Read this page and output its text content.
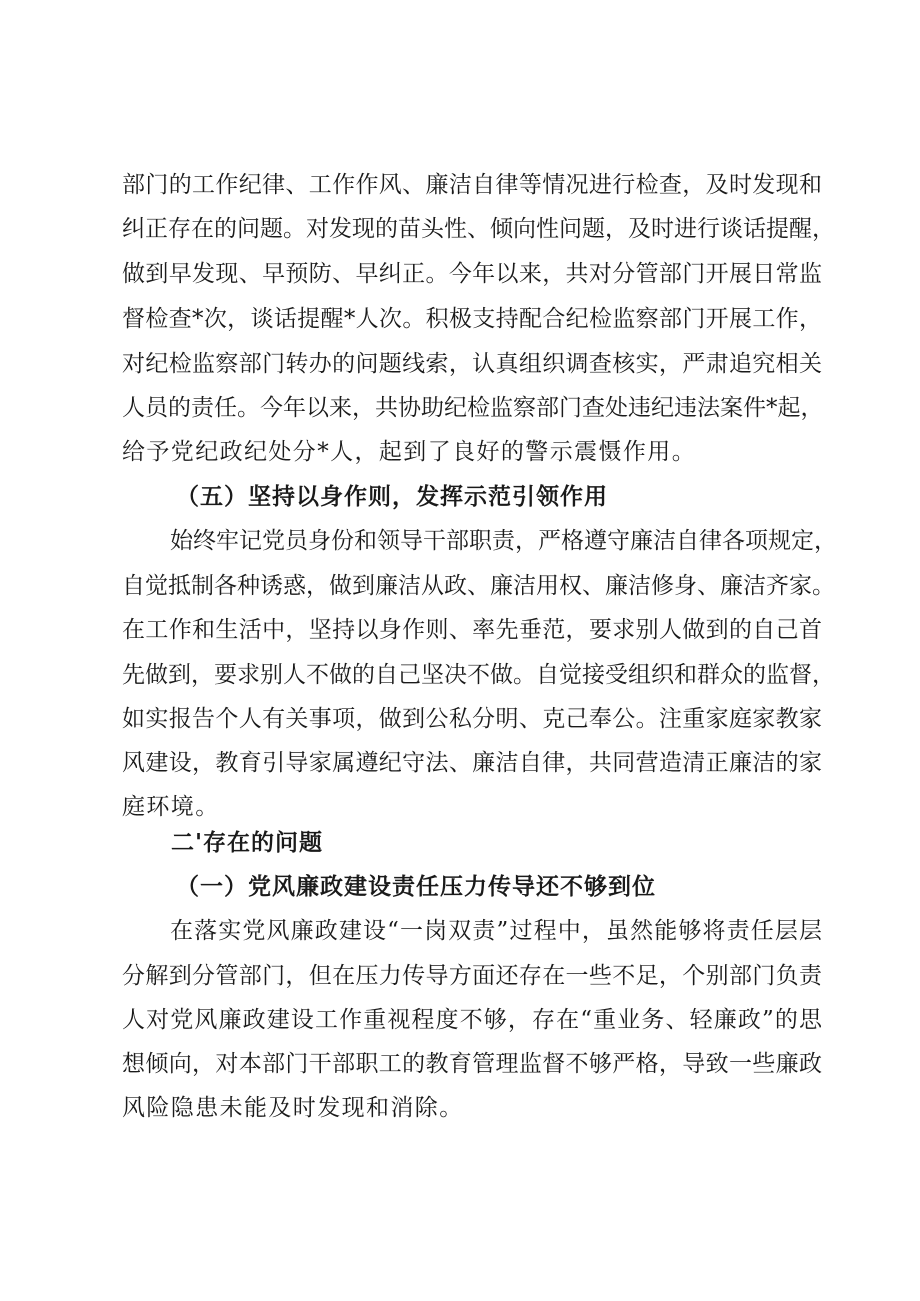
部门的工作纪律、工作作风、廉洁自律等情况进行检查，及时发现和
纠正存在的问题。对发现的苗头性、倾向性问题，及时进行谈话提醒，
做到早发现、早预防、早纠正。今年以来，共对分管部门开展日常监
督检查*次，谈话提醒*人次。积极支持配合纪检监察部门开展工作，
对纪检监察部门转办的问题线索，认真组织调查核实，严肃追究相关
人员的责任。今年以来，共协助纪检监察部门查处违纪违法案件*起，
给予党纪政纪处分*人，起到了良好的警示震慑作用。
（五）坚持以身作则，发挥示范引领作用
始终牢记党员身份和领导干部职责，严格遵守廉洁自律各项规定，
自觉抵制各种诱惑，做到廉洁从政、廉洁用权、廉洁修身、廉洁齐家。
在工作和生活中，坚持以身作则、率先垂范，要求别人做到的自己首
先做到，要求别人不做的自己坚决不做。自觉接受组织和群众的监督，
如实报告个人有关事项，做到公私分明、克己奉公。注重家庭家教家
风建设，教育引导家属遵纪守法、廉洁自律，共同营造清正廉洁的家
庭环境。
二'存在的问题
（一）党风廉政建设责任压力传导还不够到位
在落实党风廉政建设“一岗双责”过程中，虽然能够将责任层层
分解到分管部门，但在压力传导方面还存在一些不足，个别部门负责
人对党风廉政建设工作重视程度不够，存在“重业务、轻廉政”的思
想倾向，对本部门干部职工的教育管理监督不够严格，导致一些廉政
风险隐患未能及时发现和消除。
